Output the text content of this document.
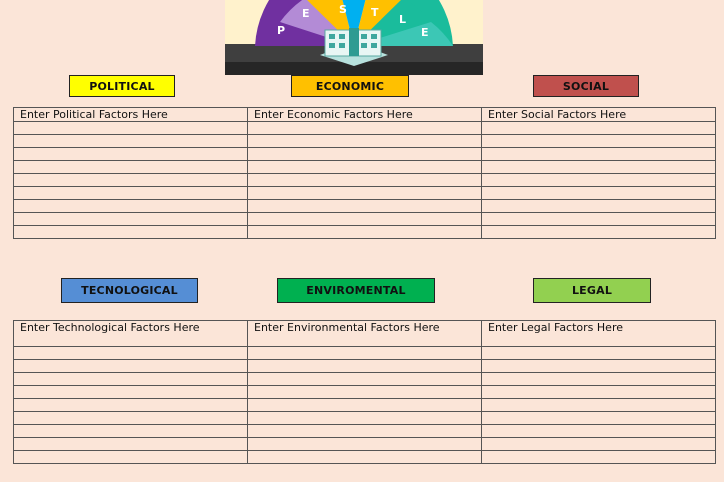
P
E	S T
L
E
POLITICAL	ECONOMIC	SOCIAL
Enter Political Factors Here	Enter Economic Factors Here	Enter Social Factors Here

TECNOLOGICAL	ENVIROMENTAL	LEGAL
Enter Technological Factors Here	Enter Environmental Factors Here	Enter Legal Factors Here
